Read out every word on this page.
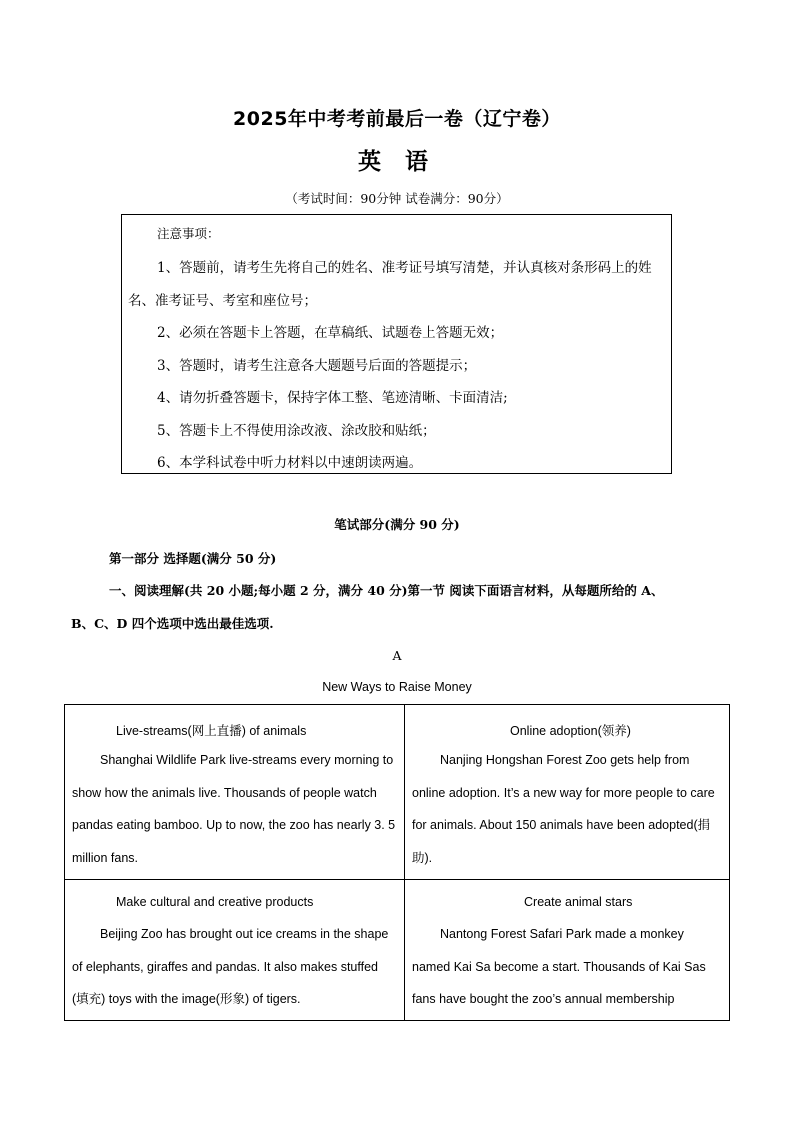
2025年中考考前最后一卷（辽宁卷）
英 语
（考试时间：90分钟 试卷满分：90分）
注意事项：
1、答题前，请考生先将自己的姓名、准考证号填写清楚，并认真核对条形码上的姓
名、准考证号、考室和座位号；
2、必须在答题卡上答题，在草稿纸、试题卷上答题无效；
3、答题时，请考生注意各大题题号后面的答题提示；
4、请勿折叠答题卡，保持字体工整、笔迹清晰、卡面清洁;
5、答题卡上不得使用涂改液、涂改胶和贴纸；
6、本学科试卷中听力材料以中速朗读两遍。
笔试部分(满分 90 分)
第一部分 选择题(满分 50 分)
一、阅读理解(共 20 小题;每小题 2 分，满分 40 分)第一节 阅读下面语言材料，从每题所给的 A、
B、C、D 四个选项中选出最佳选项.
A
New Ways to Raise Money
Live-streams(网上直播) of animals

Shanghai Wildlife Park live-streams every morning to show how the animals live. Thousands of people watch pandas eating bamboo. Up to now, the zoo has nearly 3. 5 million fans.

Online adoption(领养)

Nanjing Hongshan Forest Zoo gets help from online adoption. It’s a new way for more people to care for animals. About 150 animals have been adopted(捐助).

Make cultural and creative products

Beijing Zoo has brought out ice creams in the shape of elephants, giraffes and pandas. It also makes stuffed (填充) toys with the image(形象) of tigers.

Create animal stars

Nantong Forest Safari Park made a monkey named Kai Sa become a start. Thousands of Kai Sas fans have bought the zoo’s annual membership
